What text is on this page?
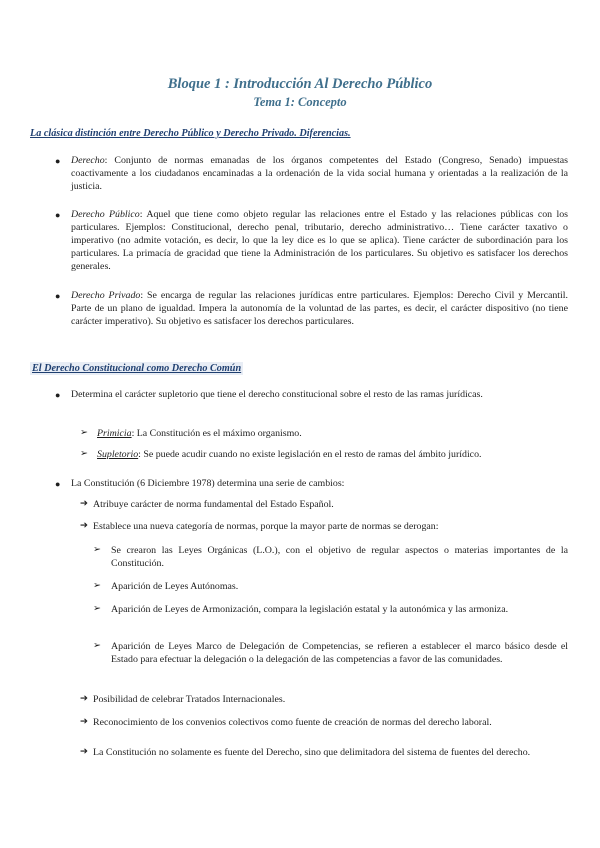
Bloque 1 : Introducción Al Derecho Público
Tema 1: Concepto
La clásica distinción entre Derecho Público y Derecho Privado. Diferencias.
● Derecho: Conjunto de normas emanadas de los órganos competentes del Estado (Congreso, Senado) impuestas coactivamente a los ciudadanos encaminadas a la ordenación de la vida social humana y orientadas a la realización de la justicia.
● Derecho Público: Aquel que tiene como objeto regular las relaciones entre el Estado y las relaciones públicas con los particulares. Ejemplos: Constitucional, derecho penal, tributario, derecho administrativo… Tiene carácter taxativo o imperativo (no admite votación, es decir, lo que la ley dice es lo que se aplica). Tiene carácter de subordinación para los particulares. La primacía de gracidad que tiene la Administración de los particulares. Su objetivo es satisfacer los derechos generales.
● Derecho Privado: Se encarga de regular las relaciones jurídicas entre particulares. Ejemplos: Derecho Civil y Mercantil. Parte de un plano de igualdad. Impera la autonomía de la voluntad de las partes, es decir, el carácter dispositivo (no tiene carácter imperativo). Su objetivo es satisfacer los derechos particulares.
El Derecho Constitucional como Derecho Común
● Determina el carácter supletorio que tiene el derecho constitucional sobre el resto de las ramas jurídicas.
➢ Primicia: La Constitución es el máximo organismo.
➢ Supletorio: Se puede acudir cuando no existe legislación en el resto de ramas del ámbito jurídico.
● La Constitución (6 Diciembre 1978) determina una serie de cambios:
➔ Atribuye carácter de norma fundamental del Estado Español.
➔ Establece una nueva categoría de normas, porque la mayor parte de normas se derogan:
➢ Se crearon las Leyes Orgánicas (L.O.), con el objetivo de regular aspectos o materias importantes de la Constitución.
➢ Aparición de Leyes Autónomas.
➢ Aparición de Leyes de Armonización, compara la legislación estatal y la autonómica y las armoniza.
➢ Aparición de Leyes Marco de Delegación de Competencias, se refieren a establecer el marco básico desde el Estado para efectuar la delegación o la delegación de las competencias a favor de las comunidades.
➔ Posibilidad de celebrar Tratados Internacionales.
➔ Reconocimiento de los convenios colectivos como fuente de creación de normas del derecho laboral.
➔ La Constitución no solamente es fuente del Derecho, sino que delimitadora del sistema de fuentes del derecho.
